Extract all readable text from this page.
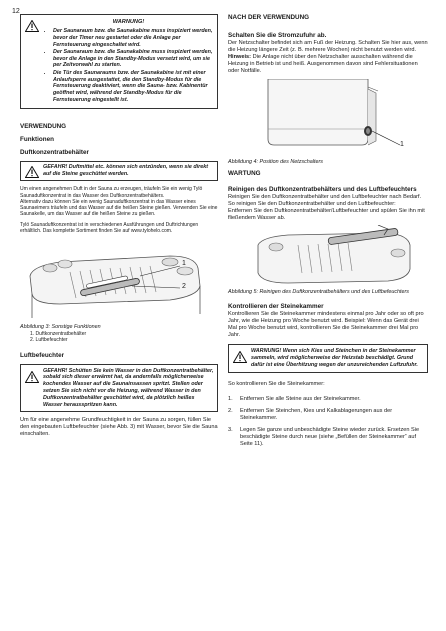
12
WARNUNG!
• Der Saunaraum bzw. die Saunakabine muss inspiziert werden, bevor der Timer neu gestartet oder die Anlage per Fernsteuerung eingeschaltet wird.
• Der Saunaraum bzw. die Saunakabine muss inspiziert werden, bevor die Anlage in den Standby-Modus versetzt wird, um sie per Zeitvorwahl zu starten.
• Die Tür des Saunaraums bzw. der Saunakabine ist mit einer Anlaufsperre ausgestattet, die den Standby-Modus für die Fernsteuerung deaktiviert, wenn die Sauna- bzw. Kabinentür geöffnet wird, während der Standby-Modus für die Fernsteuerung eingestellt ist.

VERWENDUNG

Funktionen

Duftkonzentratbehälter

GEFAHR! Duftmittel etc. können sich entzünden, wenn sie direkt auf die Steine geschüttet werden.

Um einen angenehmen Duft in der Sauna zu erzeugen, träufeln Sie ein wenig Tylö Saunaduftkonzentrat in das Wasser des Duftkonzentratbehälters.

Alternativ dazu können Sie ein wenig Saunaduftkonzentrat in das Wasser eines Saunaeimers träufeln und das Wasser auf die heißen Steine gießen. Verwenden Sie eine Saunakelle, um das Wasser auf die heißen Steine zu gießen.

Tylö Saunaduftkonzentrat ist in verschiedenen Ausführungen und Duftrichtungen erhältlich. Das komplette Sortiment finden Sie auf www.tylohelo.com.

1
2

Abbildung 3: Sonstige Funktionen

1. Duftkonzentratbehälter

2. Luftbefeuchter

Luftbefeuchter

GEFAHR! Schütten Sie kein Wasser in den Duftkonzentratbehälter, sobald sich dieser erwärmt hat, da andernfalls möglicherweise kochendes Wasser auf die Saunainsassen spritzt. Stellen oder setzen Sie sich nicht vor die Heizung, während Wasser in den Duftkonzentratbehälter geschüttet wird, da plötzlich heißes Wasser herausspritzen kann.

Um für eine angenehme Grundfeuchtigkeit in der Sauna zu sorgen, füllen Sie den eingebauten Luftbefeuchter (siehe Abb. 3) mit Wasser, bevor Sie die Sauna einschalten.

NACH DER VERWENDUNG

Schalten Sie die Stromzufuhr ab.

Der Netzschalter befindet sich am Fuß der Heizung. Schalten Sie hier aus, wenn die Heizung längere Zeit (z. B. mehrere Wochen) nicht benutzt werden wird.

Hinweis: Die Anlage nicht über den Netzschalter ausschalten während die Heizung in Betrieb ist und heiß. Ausgenommen davon sind Fehlersituationen oder Notfälle.

1

Abbildung 4: Position des Netzschalters

WARTUNG

Reinigen des Duftkonzentratbehälters und des Luftbefeuchters

Reinigen Sie den Duftkonzentratbehälter und den Luftbefeuchter nach Bedarf.

So reinigen Sie den Duftkonzentratbehälter und den Luftbefeuchter:

Entfernen Sie den Duftkonzentratbehälter/Luftbefeuchter und spülen Sie ihn mit fließendem Wasser ab.

Abbildung 5: Reinigen des Duftkonzentratbehälters und des Luftbefeuchters

Kontrollieren der Steinekammer

Kontrollieren Sie die Steinekammer mindestens einmal pro Jahr oder so oft pro Jahr, wie die Heizung pro Woche benutzt wird. Beispiel: Wenn das Gerät drei Mal pro Woche benutzt wird, kontrollieren Sie die Steinekammer drei Mal pro Jahr.

WARNUNG! Wenn sich Kies und Steinchen in der Steinekammer sammeln, wird möglicherweise der Heizstab beschädigt. Grund dafür ist eine Überhitzung wegen der unzureichenden Luftzufuhr.

So kontrollieren Sie die Steinekammer:

1.	Entfernen Sie alle Steine aus der Steinekammer.
2.	Entfernen Sie Steinchen, Kies und Kalkablagerungen aus der Steinekammer.
3.	Legen Sie ganze und unbeschädigte Steine wieder zurück. Ersetzen Sie beschädigte Steine durch neue (siehe „Befüllen der Steinekammer“ auf Seite 11).
